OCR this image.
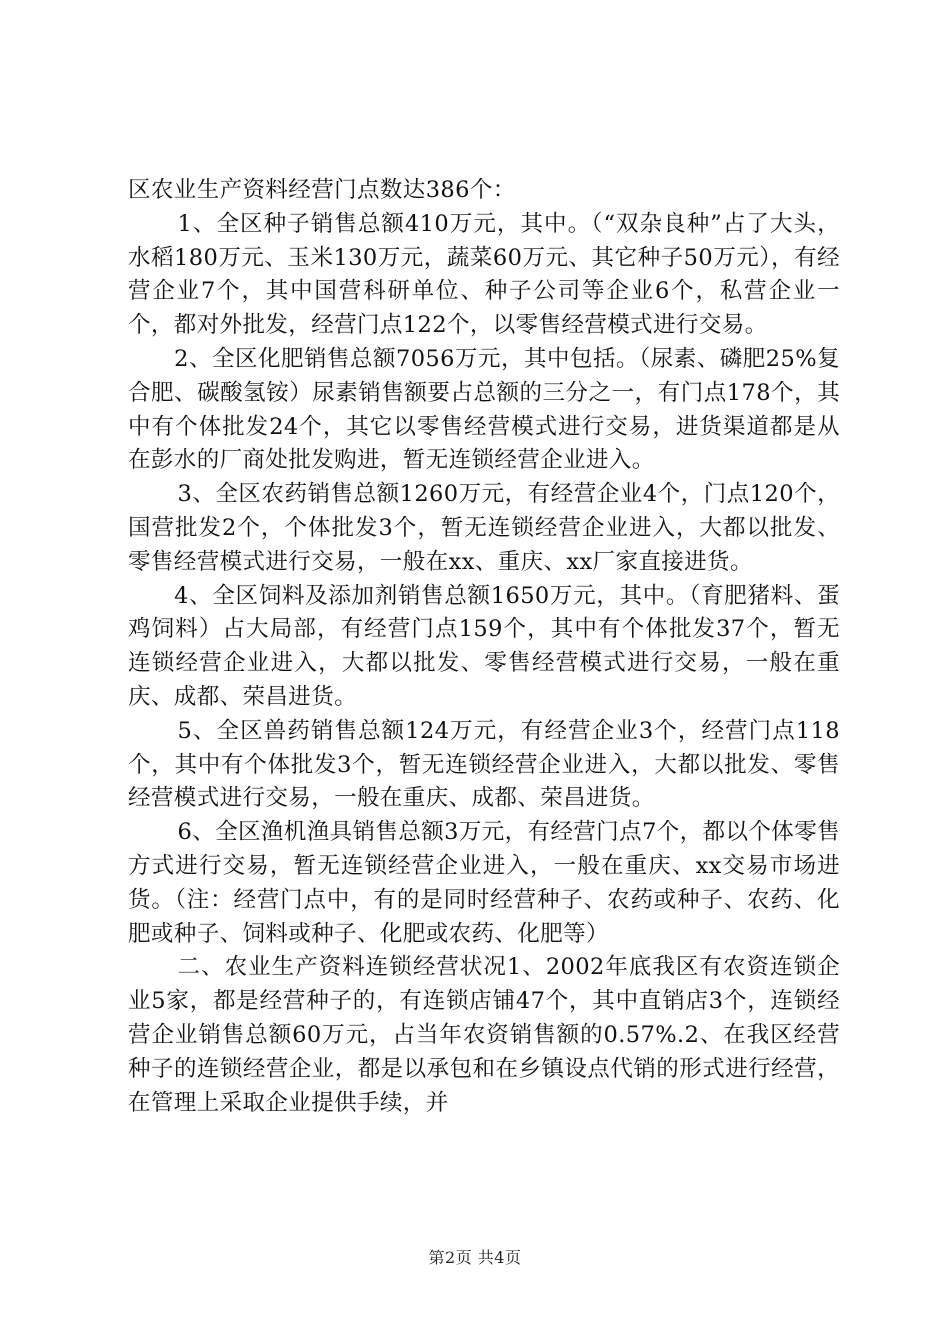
区农业生产资料经营门点数达386个：

1、全区种子销售总额410万元，其中。（“双杂良种”占了大头，水稻180万元、玉米130万元，蔬菜60万元、其它种子50万元），有经营企业7个，其中国营科研单位、种子公司等企业6个，私营企业一个，都对外批发，经营门点122个，以零售经营模式进行交易。

2、全区化肥销售总额7056万元，其中包括。（尿素、磷肥25%复合肥、碳酸氢铵）尿素销售额要占总额的三分之一，有门点178个，其中有个体批发24个，其它以零售经营模式进行交易，进货渠道都是从在彭水的厂商处批发购进，暂无连锁经营企业进入。

3、全区农药销售总额1260万元，有经营企业4个，门点120个，国营批发2个，个体批发3个，暂无连锁经营企业进入，大都以批发、零售经营模式进行交易，一般在xx、重庆、xx厂家直接进货。

4、全区饲料及添加剂销售总额1650万元，其中。（育肥猪料、蛋鸡饲料）占大局部，有经营门点159个，其中有个体批发37个，暂无连锁经营企业进入，大都以批发、零售经营模式进行交易，一般在重庆、成都、荣昌进货。

5、全区兽药销售总额124万元，有经营企业3个，经营门点118个，其中有个体批发3个，暂无连锁经营企业进入，大都以批发、零售经营模式进行交易，一般在重庆、成都、荣昌进货。

6、全区渔机渔具销售总额3万元，有经营门点7个，都以个体零售方式进行交易，暂无连锁经营企业进入，一般在重庆、xx交易市场进货。（注：经营门点中，有的是同时经营种子、农药或种子、农药、化肥或种子、饲料或种子、化肥或农药、化肥等）

二、农业生产资料连锁经营状况1、2002年底我区有农资连锁企业5家，都是经营种子的，有连锁店铺47个，其中直销店3个，连锁经营企业销售总额60万元，占当年农资销售额的0.57%.2、在我区经营种子的连锁经营企业，都是以承包和在乡镇设点代销的形式进行经营，在管理上采取企业提供手续，并

第2页 共4页
